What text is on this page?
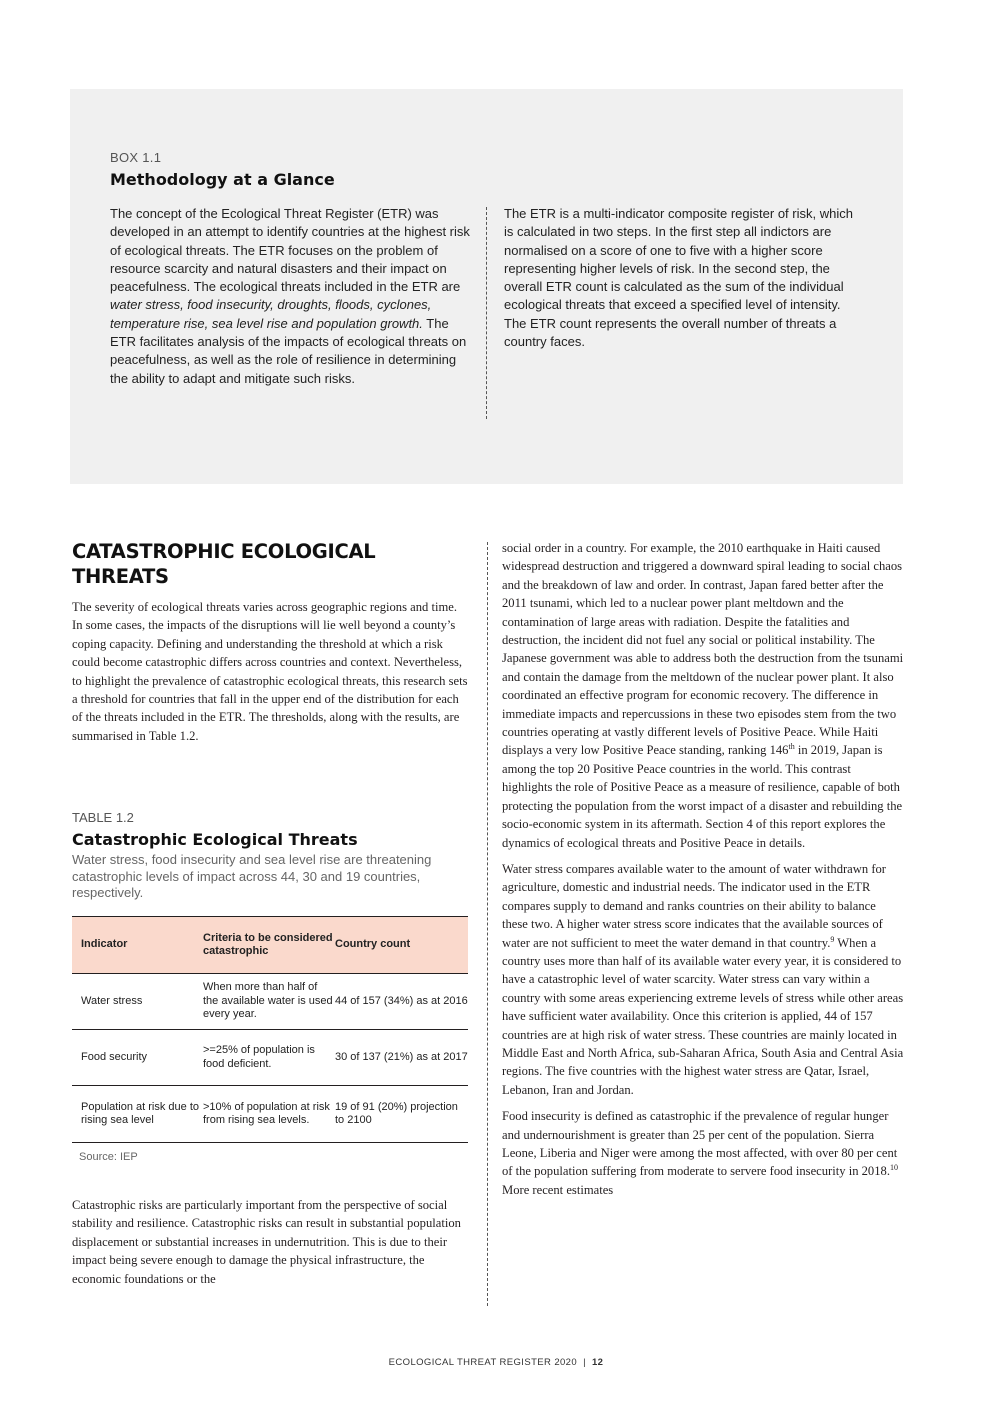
BOX 1.1
Methodology at a Glance
The concept of the Ecological Threat Register (ETR) was developed in an attempt to identify countries at the highest risk of ecological threats. The ETR focuses on the problem of resource scarcity and natural disasters and their impact on peacefulness. The ecological threats included in the ETR are water stress, food insecurity, droughts, floods, cyclones, temperature rise, sea level rise and population growth. The ETR facilitates analysis of the impacts of ecological threats on peacefulness, as well as the role of resilience in determining the ability to adapt and mitigate such risks.
The ETR is a multi-indicator composite register of risk, which is calculated in two steps. In the first step all indictors are normalised on a score of one to five with a higher score representing higher levels of risk. In the second step, the overall ETR count is calculated as the sum of the individual ecological threats that exceed a specified level of intensity. The ETR count represents the overall number of threats a country faces.
CATASTROPHIC ECOLOGICAL THREATS

The severity of ecological threats varies across geographic regions and time. In some cases, the impacts of the disruptions will lie well beyond a county’s coping capacity. Defining and understanding the threshold at which a risk could become catastrophic differs across countries and context. Nevertheless, to highlight the prevalence of catastrophic ecological threats, this research sets a threshold for countries that fall in the upper end of the distribution for each of the threats included in the ETR. The thresholds, along with the results, are summarised in Table 1.2.

TABLE 1.2
Catastrophic Ecological Threats
Water stress, food insecurity and sea level rise are threatening catastrophic levels of impact across 44, 30 and 19 countries, respectively.
Indicator	Criteria to be considered catastrophic	Country count
Water stress	When more than half of the available water is used every year.	44 of 157 (34%) as at 2016
Food security	>=25% of population is food deficient.	30 of 137 (21%) as at 2017
Population at risk due to rising sea level	>10% of population at risk from rising sea levels.	19 of 91 (20%) projection to 2100
Source: IEP

Catastrophic risks are particularly important from the perspective of social stability and resilience. Catastrophic risks can result in substantial population displacement or substantial increases in undernutrition. This is due to their impact being severe enough to damage the physical infrastructure, the economic foundations or the

social order in a country. For example, the 2010 earthquake in Haiti caused widespread destruction and triggered a downward spiral leading to social chaos and the breakdown of law and order. In contrast, Japan fared better after the 2011 tsunami, which led to a nuclear power plant meltdown and the contamination of large areas with radiation. Despite the fatalities and destruction, the incident did not fuel any social or political instability. The Japanese government was able to address both the destruction from the tsunami and contain the damage from the meltdown of the nuclear power plant. It also coordinated an effective program for economic recovery. The difference in immediate impacts and repercussions in these two episodes stem from the two countries operating at vastly different levels of Positive Peace. While Haiti displays a very low Positive Peace standing, ranking 146th in 2019, Japan is among the top 20 Positive Peace countries in the world. This contrast highlights the role of Positive Peace as a measure of resilience, capable of both protecting the population from the worst impact of a disaster and rebuilding the socio-economic system in its aftermath. Section 4 of this report explores the dynamics of ecological threats and Positive Peace in details.

Water stress compares available water to the amount of water withdrawn for agriculture, domestic and industrial needs. The indicator used in the ETR compares supply to demand and ranks countries on their ability to balance these two. A higher water stress score indicates that the available sources of water are not sufficient to meet the water demand in that country.$^9$ When a country uses more than half of its available water every year, it is considered to have a catastrophic level of water scarcity. Water stress can vary within a country with some areas experiencing extreme levels of stress while other areas have sufficient water availability. Once this criterion is applied, 44 of 157 countries are at high risk of water stress. These countries are mainly located in Middle East and North Africa, sub-Saharan Africa, South Asia and Central Asia regions. The five countries with the highest water stress are Qatar, Israel, Lebanon, Iran and Jordan.

Food insecurity is defined as catastrophic if the prevalence of regular hunger and undernourishment is greater than 25 per cent of the population. Sierra Leone, Liberia and Niger were among the most affected, with over 80 per cent of the population suffering from moderate to servere food insecurity in 2018.10 More recent estimates

ECOLOGICAL THREAT REGISTER 2020 | 12
